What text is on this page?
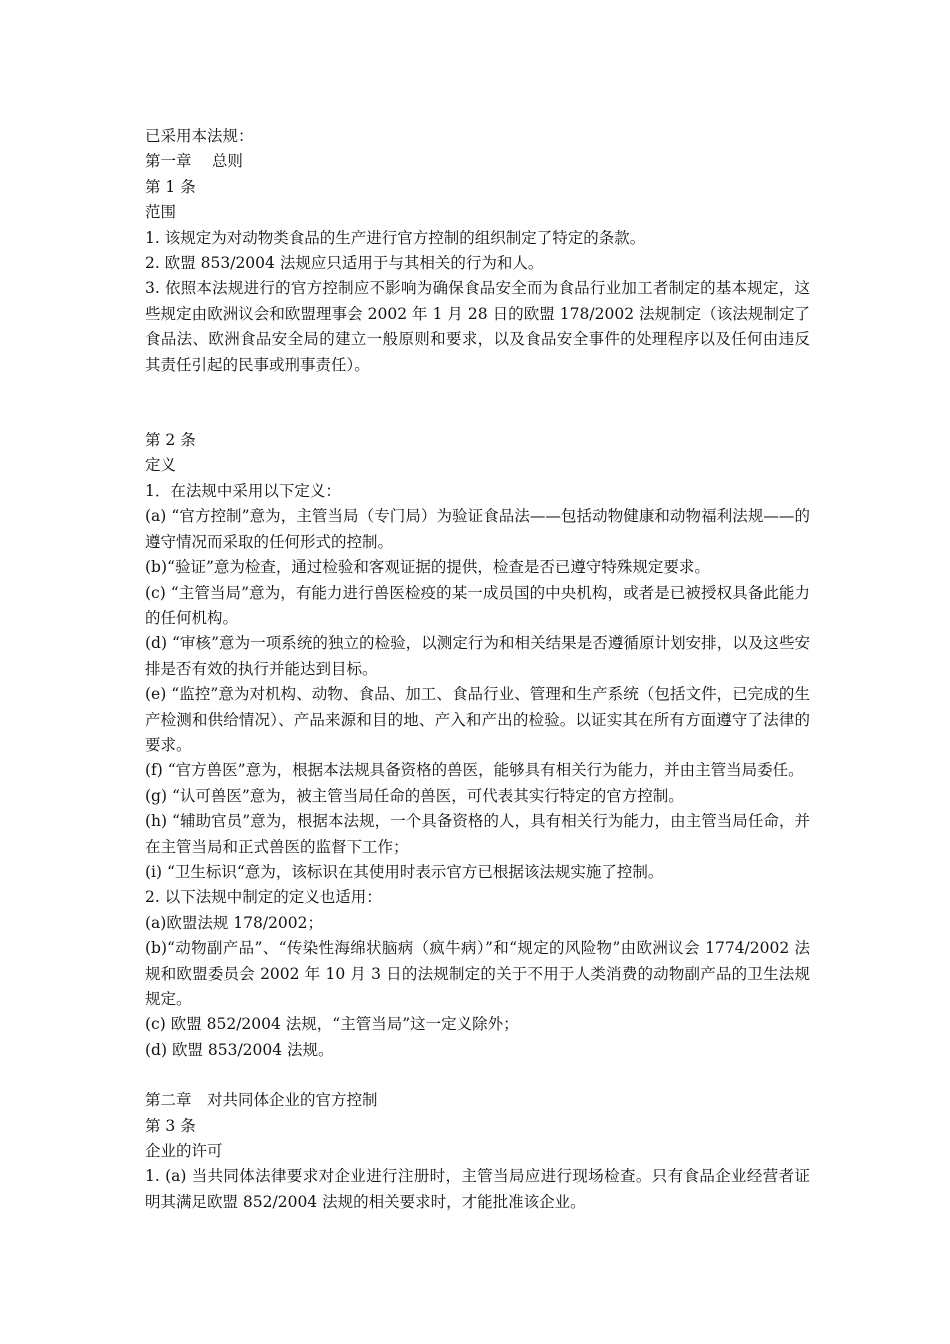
已采用本法规：
第一章　 总则
第 1 条
范围
1. 该规定为对动物类食品的生产进行官方控制的组织制定了特定的条款。
2. 欧盟 853/2004 法规应只适用于与其相关的行为和人。
3. 依照本法规进行的官方控制应不影响为确保食品安全而为食品行业加工者制定的基本规定，这些规定由欧洲议会和欧盟理事会 2002 年 1 月 28 日的欧盟 178/2002 法规制定（该法规制定了食品法、欧洲食品安全局的建立一般原则和要求，以及食品安全事件的处理程序以及任何由违反其责任引起的民事或刑事责任）。
第 2 条
定义
1．在法规中采用以下定义：
(a) “官方控制”意为，主管当局（专门局）为验证食品法——包括动物健康和动物福利法规——的遵守情况而采取的任何形式的控制。
(b)“验证”意为检查，通过检验和客观证据的提供，检查是否已遵守特殊规定要求。
(c) “主管当局”意为，有能力进行兽医检疫的某一成员国的中央机构，或者是已被授权具备此能力的任何机构。
(d) “审核”意为一项系统的独立的检验，以测定行为和相关结果是否遵循原计划安排，以及这些安排是否有效的执行并能达到目标。
(e) “监控”意为对机构、动物、食品、加工、食品行业、管理和生产系统（包括文件，已完成的生产检测和供给情况）、产品来源和目的地、产入和产出的检验。以证实其在所有方面遵守了法律的要求。
(f) “官方兽医”意为，根据本法规具备资格的兽医，能够具有相关行为能力，并由主管当局委任。
(g) “认可兽医”意为，被主管当局任命的兽医，可代表其实行特定的官方控制。
(h) “辅助官员”意为，根据本法规，一个具备资格的人，具有相关行为能力，由主管当局任命，并在主管当局和正式兽医的监督下工作；
(i) “卫生标识“意为，该标识在其使用时表示官方已根据该法规实施了控制。
2. 以下法规中制定的定义也适用：
(a)欧盟法规 178/2002；
(b)“动物副产品”、“传染性海绵状脑病（疯牛病）”和“规定的风险物”由欧洲议会 1774/2002 法规和欧盟委员会 2002 年 10 月 3 日的法规制定的关于不用于人类消费的动物副产品的卫生法规规定。
(c) 欧盟 852/2004 法规，“主管当局”这一定义除外；
(d) 欧盟 853/2004 法规。
第二章　对共同体企业的官方控制
第 3 条
企业的许可
1. (a) 当共同体法律要求对企业进行注册时，主管当局应进行现场检查。只有食品企业经营者证明其满足欧盟 852/2004 法规的相关要求时，才能批准该企业。
